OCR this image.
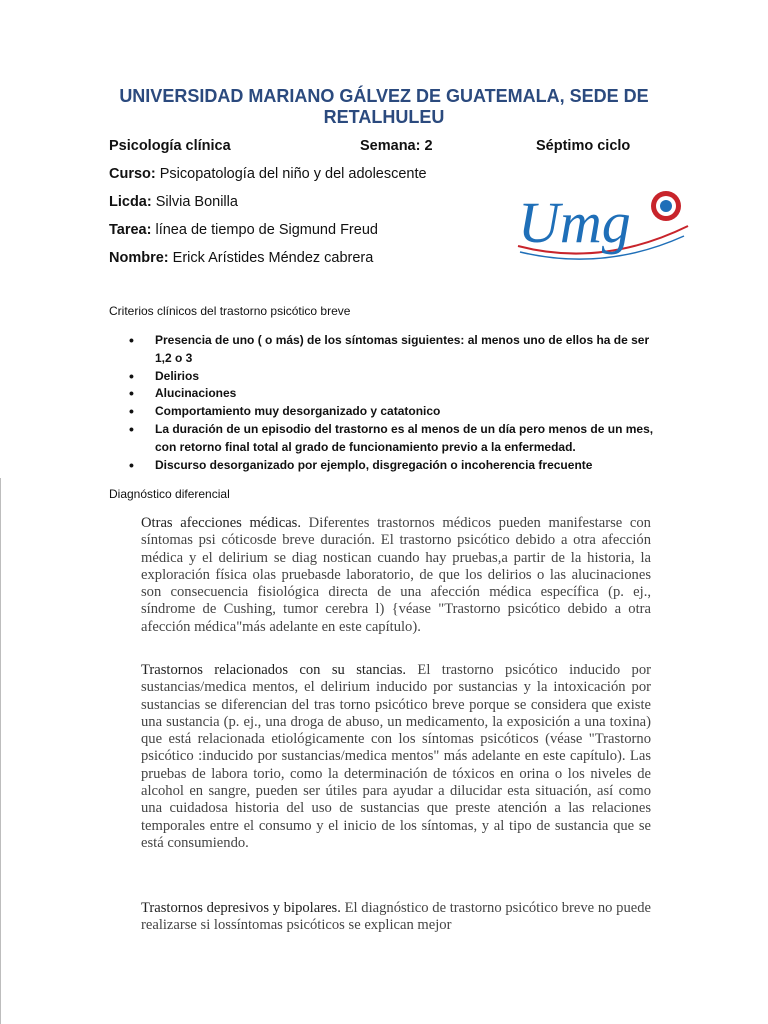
UNIVERSIDAD MARIANO GÁLVEZ DE GUATEMALA, SEDE DE RETALHULEU
Psicología clínica	Semana: 2	Séptimo ciclo
Curso: Psicopatología del niño y del adolescente
Licda: Silvia Bonilla
Tarea: línea de tiempo de Sigmund Freud
Nombre: Erick Arístides Méndez cabrera
Umg
Criterios clínicos del trastorno psicótico breve
• Presencia de uno ( o más) de los síntomas siguientes: al menos uno de ellos ha de ser 1,2 o 3
• Delirios
• Alucinaciones
• Comportamiento muy desorganizado y catatonico
• La duración de un episodio del trastorno es al menos de un día pero menos de un mes, con retorno final total al grado de funcionamiento previo a la enfermedad.
• Discurso desorganizado por ejemplo, disgregación o incoherencia frecuente
Diagnóstico diferencial
Otras afecciones médicas. Diferentes trastornos médicos pueden manifestarse con síntomas psi cóticosde breve duración. El trastorno psicótico debido a otra afección médica y el delirium se diag nostican cuando hay pruebas,a partir de la historia, la exploración física olas pruebasde laboratorio, de que los delirios o las alucinaciones son consecuencia fisiológica directa de una afección médica específica (p. ej., síndrome de Cushing, tumor cerebra l) {véase "Trastorno psicótico debido a otra afección médica"más adelante en este capítulo).
Trastornos relacionados con su stancias. El trastorno psicótico inducido por sustancias/medica mentos, el delirium inducido por sustancias y la intoxicación por sustancias se diferencian del tras torno psicótico breve porque se considera que existe una sustancia (p. ej., una droga de abuso, un medicamento, la exposición a una toxina) que está relacionada etiológicamente con los síntomas psicóticos (véase "Trastorno psicótico :inducido por sustancias/medica mentos" más adelante en este capítulo). Las pruebas de labora torio, como la determinación de tóxicos en orina o los niveles de alcohol en sangre, pueden ser útiles para ayudar a dilucidar esta situación, así como una cuidadosa historia del uso de sustancias que preste atención a las relaciones temporales entre el consumo y el inicio de los síntomas, y al tipo de sustancia que se está consumiendo.
Trastornos depresivos y bipolares. El diagnóstico de trastorno psicótico breve no puede realizarse si lossíntomas psicóticos se explican mejor
